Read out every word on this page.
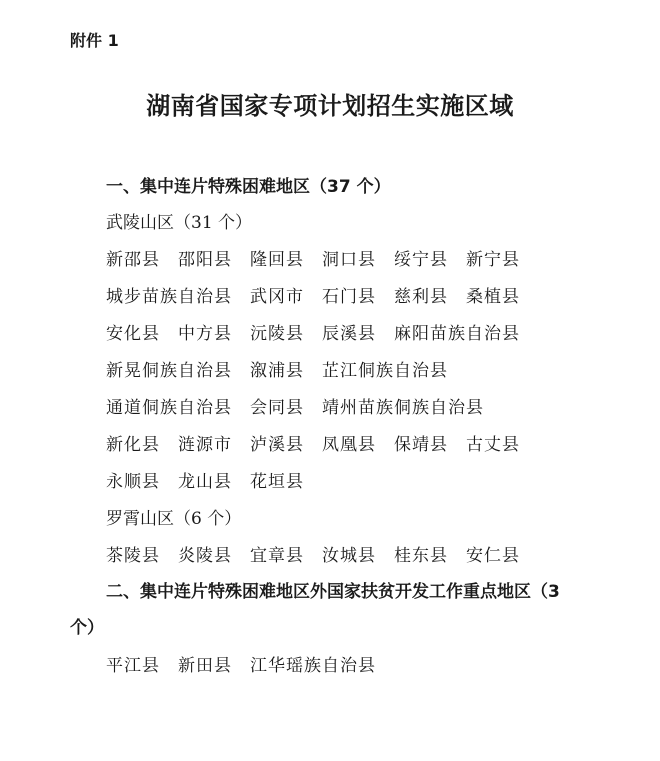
附件 1
湖南省国家专项计划招生实施区域
一、集中连片特殊困难地区（37 个）
武陵山区（31 个）
新邵县 邵阳县 隆回县 洞口县 绥宁县 新宁县
城步苗族自治县 武冈市 石门县 慈利县 桑植县
安化县 中方县 沅陵县 辰溪县 麻阳苗族自治县
新晃侗族自治县 溆浦县 芷江侗族自治县
通道侗族自治县 会同县 靖州苗族侗族自治县
新化县 涟源市 泸溪县 凤凰县 保靖县 古丈县
永顺县 龙山县 花垣县
罗霄山区（6 个）
茶陵县 炎陵县 宜章县 汝城县 桂东县 安仁县
二、集中连片特殊困难地区外国家扶贫开发工作重点地区（3
个）
平江县 新田县 江华瑶族自治县
